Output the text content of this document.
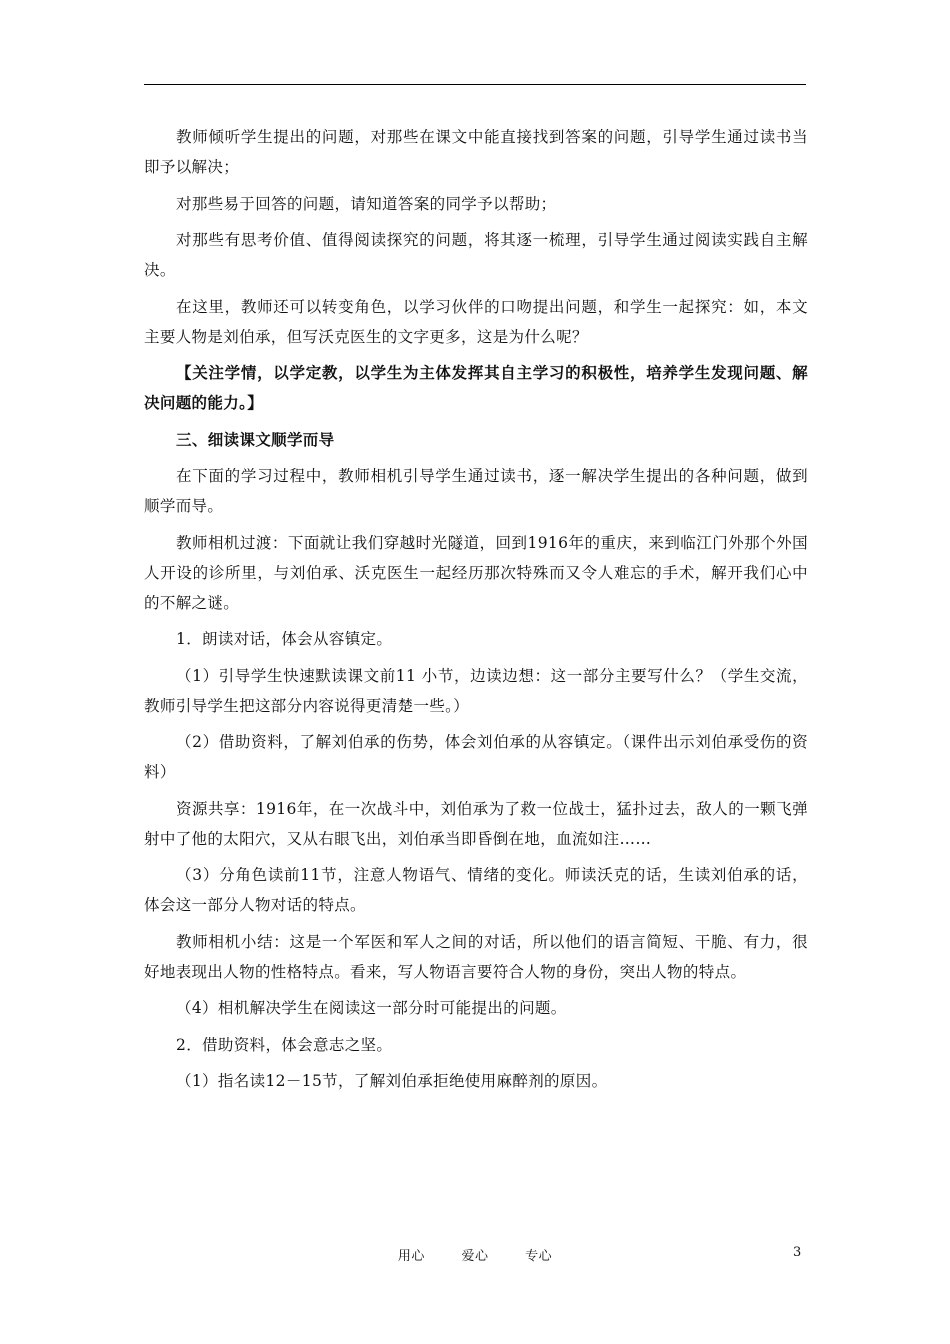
教师倾听学生提出的问题，对那些在课文中能直接找到答案的问题，引导学生通过读书当即予以解决；

对那些易于回答的问题，请知道答案的同学予以帮助；

对那些有思考价值、值得阅读探究的问题，将其逐一梳理，引导学生通过阅读实践自主解决。

在这里，教师还可以转变角色，以学习伙伴的口吻提出问题，和学生一起探究：如，本文主要人物是刘伯承，但写沃克医生的文字更多，这是为什么呢？

【关注学情，以学定教，以学生为主体发挥其自主学习的积极性，培养学生发现问题、解决问题的能力。】

三、细读课文顺学而导

在下面的学习过程中，教师相机引导学生通过读书，逐一解决学生提出的各种问题，做到顺学而导。

教师相机过渡：下面就让我们穿越时光隧道，回到1916年的重庆，来到临江门外那个外国人开设的诊所里，与刘伯承、沃克医生一起经历那次特殊而又令人难忘的手术，解开我们心中的不解之谜。

1．朗读对话，体会从容镇定。

（1）引导学生快速默读课文前11 小节，边读边想：这一部分主要写什么？（学生交流，教师引导学生把这部分内容说得更清楚一些。）

（2）借助资料，了解刘伯承的伤势，体会刘伯承的从容镇定。（课件出示刘伯承受伤的资料）

资源共享：1916年，在一次战斗中，刘伯承为了救一位战士，猛扑过去，敌人的一颗飞弹射中了他的太阳穴，又从右眼飞出，刘伯承当即昏倒在地，血流如注……

（3）分角色读前11节，注意人物语气、情绪的变化。师读沃克的话，生读刘伯承的话，体会这一部分人物对话的特点。

教师相机小结：这是一个军医和军人之间的对话，所以他们的语言简短、干脆、有力，很好地表现出人物的性格特点。看来，写人物语言要符合人物的身份，突出人物的特点。

（4）相机解决学生在阅读这一部分时可能提出的问题。

2．借助资料，体会意志之坚。

（1）指名读12－15节，了解刘伯承拒绝使用麻醉剂的原因。

用心	爱心	专心	3
